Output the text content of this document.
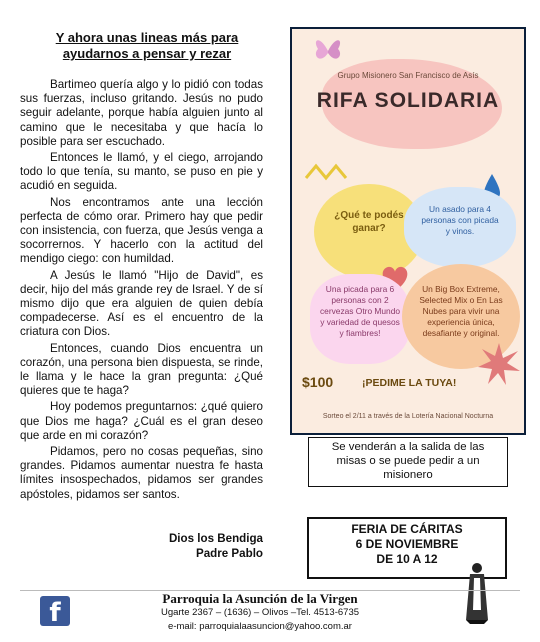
Y ahora unas lineas más para
ayudarnos a pensar y rezar

Bartimeo quería algo y lo pidió con todas sus fuerzas, incluso gritando. Jesús no pudo seguir adelante, porque había alguien junto al camino que le necesitaba y que hacía lo posible para ser escuchado.

Entonces le llamó, y el ciego, arrojando todo lo que tenía, su manto, se puso en pie y acudió en seguida.

Nos encontramos ante una lección perfecta de cómo orar. Primero hay que pedir con insistencia, con fuerza, que Jesús venga a socorrernos. Y hacerlo con la actitud del mendigo ciego: con humildad.

A Jesús le llamó "Hijo de David", es decir, hijo del más grande rey de Israel. Y de sí mismo dijo que era alguien de quien debía compadecerse. Así es el encuentro de la criatura con Dios.

Entonces, cuando Dios encuentra un corazón, una persona bien dispuesta, se rinde, le llama y le hace la gran pregunta: ¿Qué quieres que te haga?

Hoy podemos preguntarnos: ¿qué quiero que Dios me haga? ¿Cuál es el gran deseo que arde en mi corazón?

Pidamos, pero no cosas pequeñas, sino grandes. Pidamos aumentar nuestra fe hasta límites insospechados, pidamos ser grandes apóstoles, pidamos ser santos.

Dios los Bendiga
Padre Pablo
Grupo Misionero San Francisco de Asís
RIFA SOLIDARIA
¿Qué te podés
ganar?
Un asado para 4
personas con picada
y vinos.
Una picada para 6
personas con 2
cervezas Otro Mundo
y variedad de quesos
y fiambres!
Un Big Box Extreme,
Selected Mix o En Las
Nubes para vivir una
experiencia única,
desafiante y original.
$100	¡PEDIME LA TUYA!
Sorteo el 2/11 a través de la Lotería Nacional Nocturna
Se venderán a la salida de las
misas o se puede pedir a un
misionero
FERIA DE CÁRITAS
6 DE NOVIEMBRE
DE 10 A 12
f	Parroquia la Asunción de la Virgen
Ugarte 2367 – (1636) – Olivos –Tel. 4513-6735
e-mail: parroquialaasuncion@yahoo.com.ar
